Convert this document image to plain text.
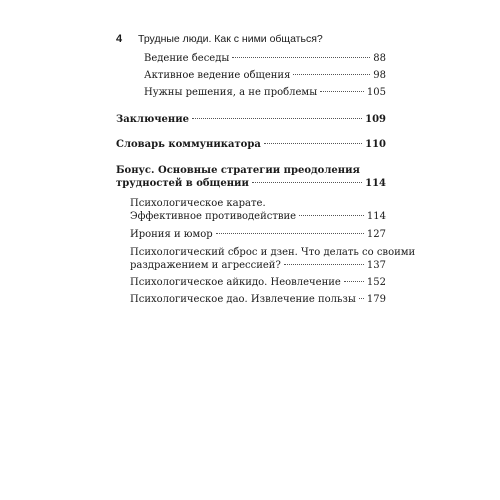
4	Трудные люди. Как с ними общаться?
Ведение беседы	88
Активное ведение общения	98
Нужны решения, а не проблемы	105
Заключение	109
Словарь коммуникатора	110
Бонус. Основные стратегии преодоления
трудностей в общении	114
Психологическое карате.
Эффективное противодействие	114
Ирония и юмор	127
Психологический сброс и дзен. Что делать со своими
раздражением и агрессией?	137
Психологическое айкидо. Неовлечение	152
Психологическое дао. Извлечение пользы 179
